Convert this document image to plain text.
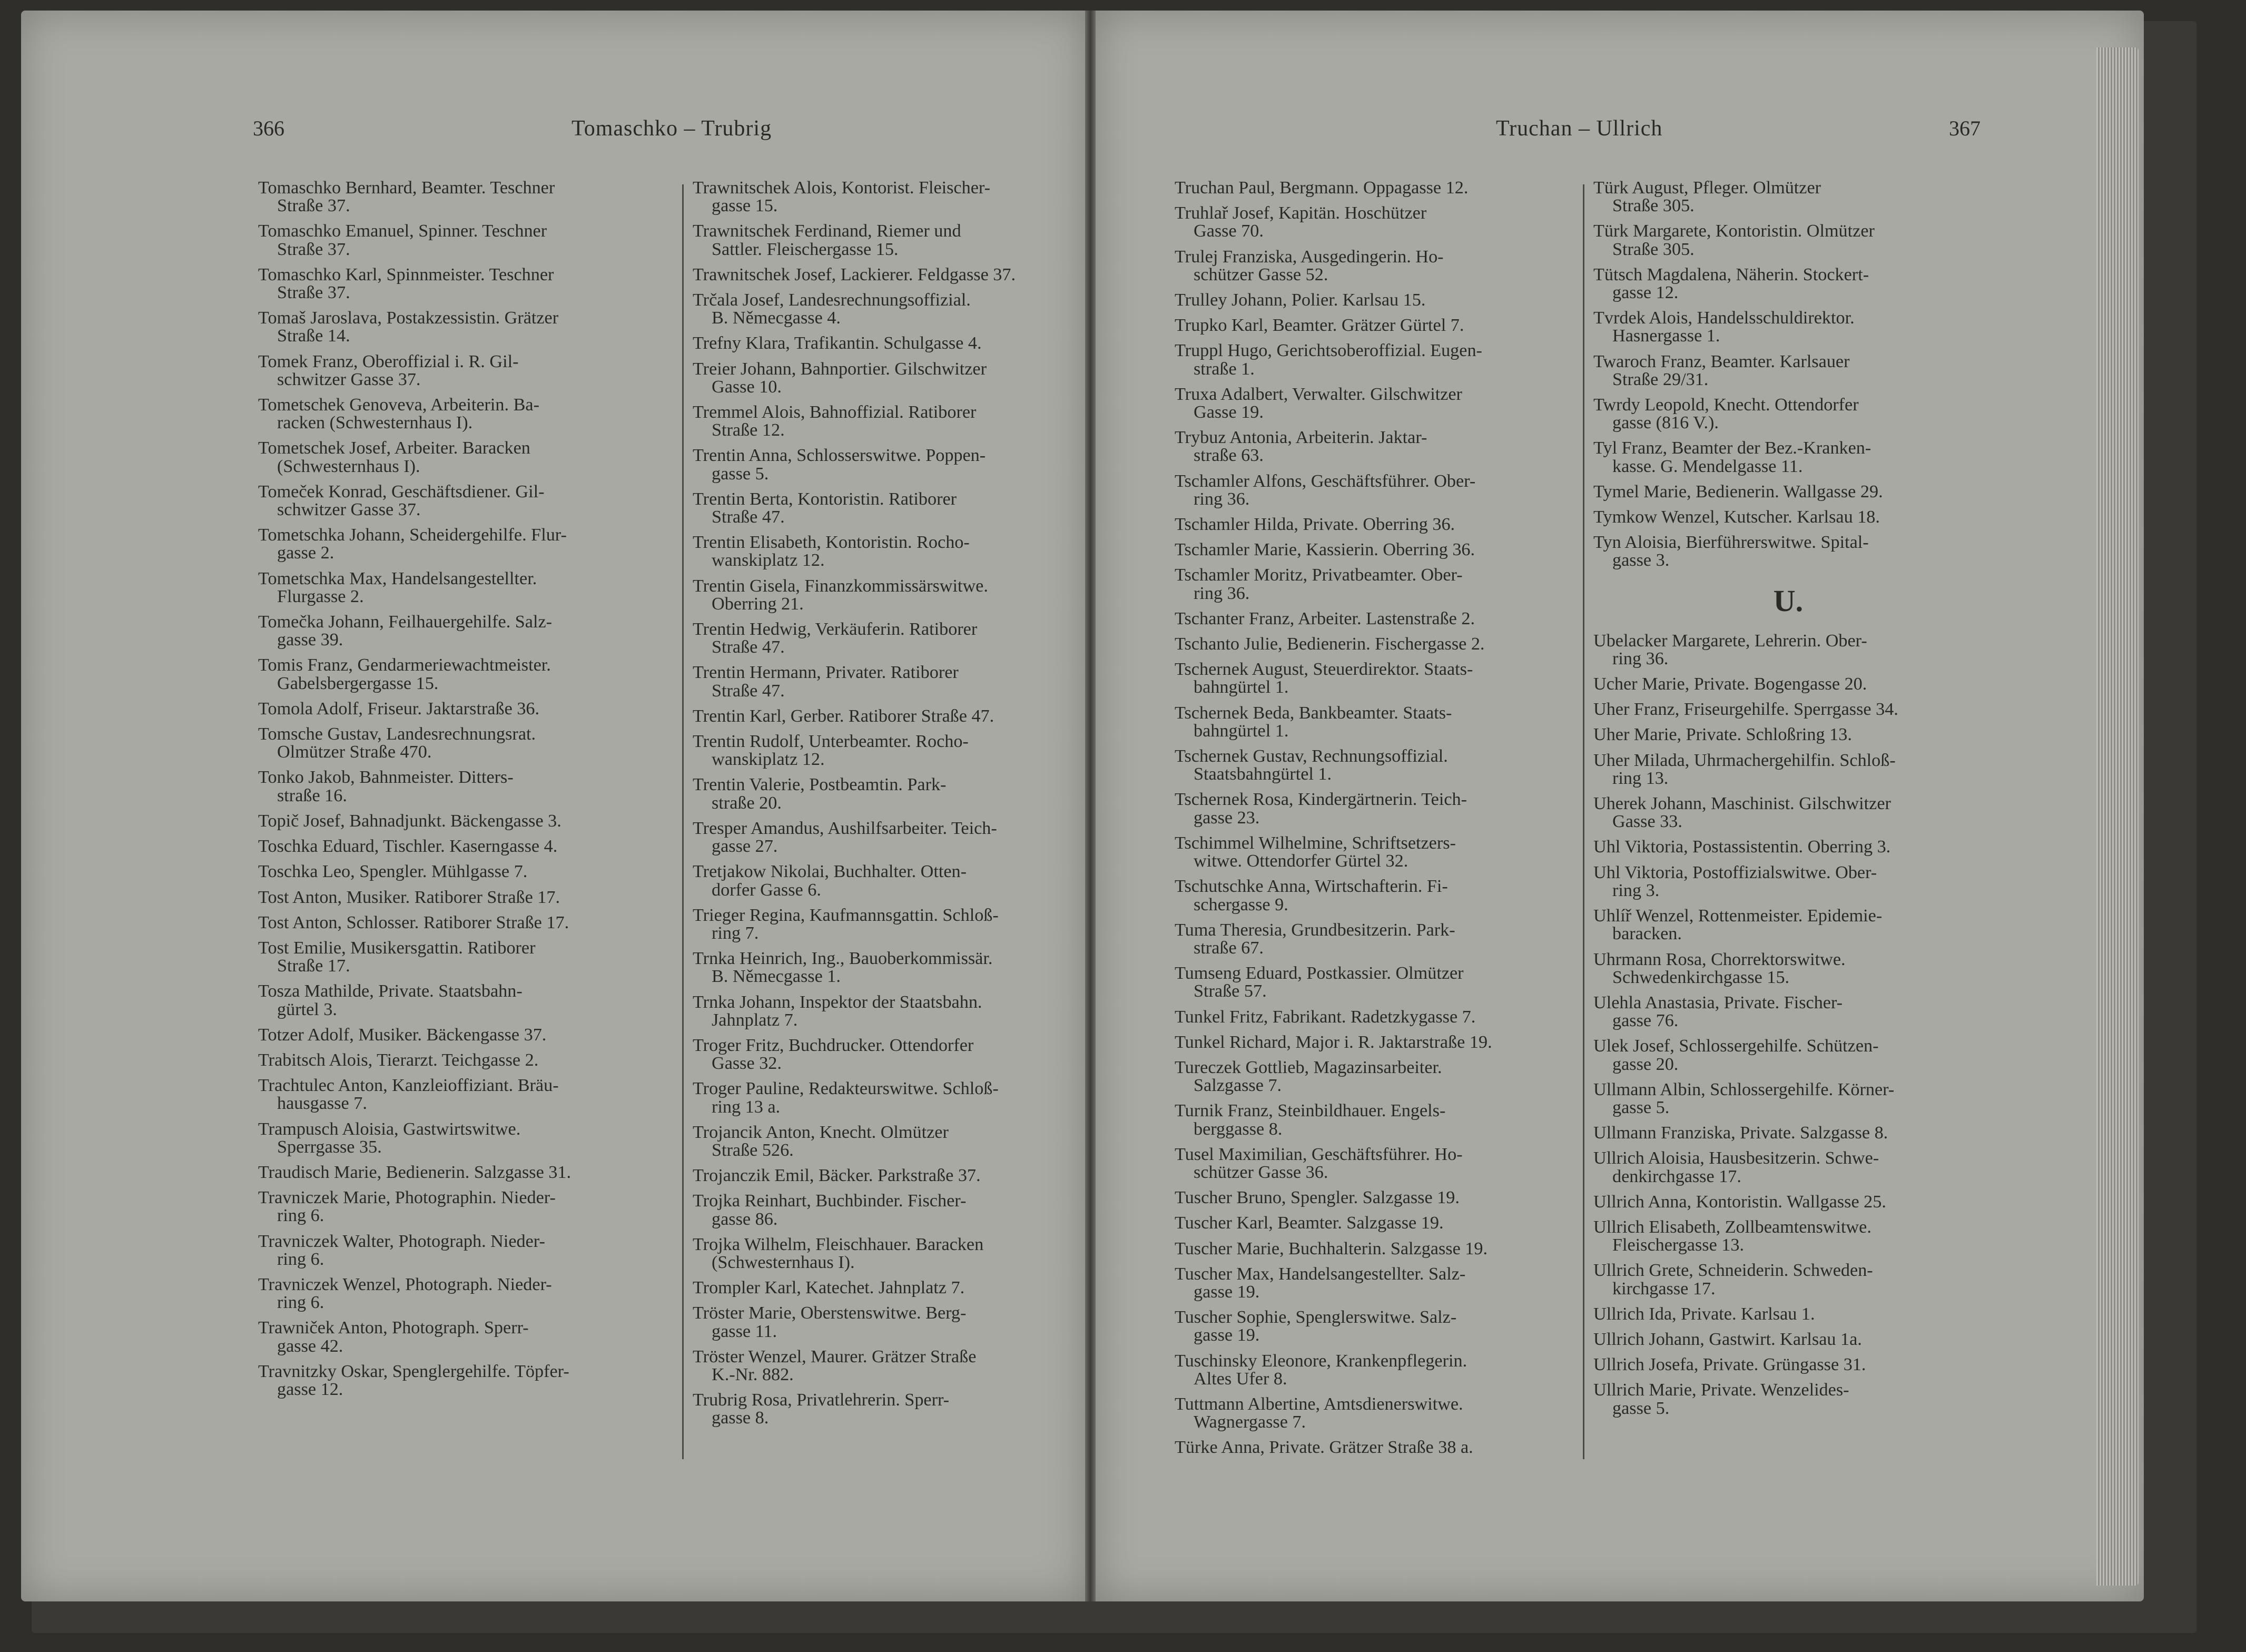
366	Tomaschko – Trubrig
Tomaschko Bernhard, Beamter. Teschner
Straße 37.
Tomaschko Emanuel, Spinner. Teschner
Straße 37.
Tomaschko Karl, Spinnmeister. Teschner
Straße 37.
Tomaš Jaroslava, Postakzessistin. Grätzer
Straße 14.
Tomek Franz, Oberoffizial i. R. Gil-
schwitzer Gasse 37.
Tometschek Genoveva, Arbeiterin. Ba-
racken (Schwesternhaus I).
Tometschek Josef, Arbeiter. Baracken
(Schwesternhaus I).
Tomeček Konrad, Geschäftsdiener. Gil-
schwitzer Gasse 37.
Tometschka Johann, Scheidergehilfe. Flur-
gasse 2.
Tometschka Max, Handelsangestellter.
Flurgasse 2.
Tomečka Johann, Feilhauergehilfe. Salz-
gasse 39.
Tomis Franz, Gendarmeriewachtmeister.
Gabelsbergergasse 15.
Tomola Adolf, Friseur. Jaktarstraße 36.
Tomsche Gustav, Landesrechnungsrat.
Olmützer Straße 470.
Tonko Jakob, Bahnmeister. Ditters-
straße 16.
Topič Josef, Bahnadjunkt. Bäckengasse 3.
Toschka Eduard, Tischler. Kaserngasse 4.
Toschka Leo, Spengler. Mühlgasse 7.
Tost Anton, Musiker. Ratiborer Straße 17.
Tost Anton, Schlosser. Ratiborer Straße 17.
Tost Emilie, Musikersgattin. Ratiborer
Straße 17.
Tosza Mathilde, Private. Staatsbahn-
gürtel 3.
Totzer Adolf, Musiker. Bäckengasse 37.
Trabitsch Alois, Tierarzt. Teichgasse 2.
Trachtulec Anton, Kanzleioffiziant. Bräu-
hausgasse 7.
Trampusch Aloisia, Gastwirtswitwe.
Sperrgasse 35.
Traudisch Marie, Bedienerin. Salzgasse 31.
Travniczek Marie, Photographin. Nieder-
ring 6.
Travniczek Walter, Photograph. Nieder-
ring 6.
Travniczek Wenzel, Photograph. Nieder-
ring 6.
Trawniček Anton, Photograph. Sperr-
gasse 42.
Travnitzky Oskar, Spenglergehilfe. Töpfer-
gasse 12.
Trawnitschek Alois, Kontorist. Fleischer-
gasse 15.
Trawnitschek Ferdinand, Riemer und
Sattler. Fleischergasse 15.
Trawnitschek Josef, Lackierer. Feldgasse 37.
Trčala Josef, Landesrechnungsoffizial.
B. Němecgasse 4.
Trefny Klara, Trafikantin. Schulgasse 4.
Treier Johann, Bahnportier. Gilschwitzer
Gasse 10.
Tremmel Alois, Bahnoffizial. Ratiborer
Straße 12.
Trentin Anna, Schlosserswitwe. Poppen-
gasse 5.
Trentin Berta, Kontoristin. Ratiborer
Straße 47.
Trentin Elisabeth, Kontoristin. Rocho-
wanskiplatz 12.
Trentin Gisela, Finanzkommissärswitwe.
Oberring 21.
Trentin Hedwig, Verkäuferin. Ratiborer
Straße 47.
Trentin Hermann, Privater. Ratiborer
Straße 47.
Trentin Karl, Gerber. Ratiborer Straße 47.
Trentin Rudolf, Unterbeamter. Rocho-
wanskiplatz 12.
Trentin Valerie, Postbeamtin. Park-
straße 20.
Tresper Amandus, Aushilfsarbeiter. Teich-
gasse 27.
Tretjakow Nikolai, Buchhalter. Otten-
dorfer Gasse 6.
Trieger Regina, Kaufmannsgattin. Schloß-
ring 7.
Trnka Heinrich, Ing., Bauoberkommissär.
B. Němecgasse 1.
Trnka Johann, Inspektor der Staatsbahn.
Jahnplatz 7.
Troger Fritz, Buchdrucker. Ottendorfer
Gasse 32.
Troger Pauline, Redakteurswitwe. Schloß-
ring 13 a.
Trojancik Anton, Knecht. Olmützer
Straße 526.
Trojanczik Emil, Bäcker. Parkstraße 37.
Trojka Reinhart, Buchbinder. Fischer-
gasse 86.
Trojka Wilhelm, Fleischhauer. Baracken
(Schwesternhaus I).
Trompler Karl, Katechet. Jahnplatz 7.
Tröster Marie, Oberstenswitwe. Berg-
gasse 11.
Tröster Wenzel, Maurer. Grätzer Straße
K.-Nr. 882.
Trubrig Rosa, Privatlehrerin. Sperr-
gasse 8.
Truchan – Ullrich	367
Truchan Paul, Bergmann. Oppagasse 12.
Truhlař Josef, Kapitän. Hoschützer
Gasse 70.
Trulej Franziska, Ausgedingerin. Ho-
schützer Gasse 52.
Trulley Johann, Polier. Karlsau 15.
Trupko Karl, Beamter. Grätzer Gürtel 7.
Truppl Hugo, Gerichtsoberoffizial. Eugen-
straße 1.
Truxa Adalbert, Verwalter. Gilschwitzer
Gasse 19.
Trybuz Antonia, Arbeiterin. Jaktar-
straße 63.
Tschamler Alfons, Geschäftsführer. Ober-
ring 36.
Tschamler Hilda, Private. Oberring 36.
Tschamler Marie, Kassierin. Oberring 36.
Tschamler Moritz, Privatbeamter. Ober-
ring 36.
Tschanter Franz, Arbeiter. Lastenstraße 2.
Tschanto Julie, Bedienerin. Fischergasse 2.
Tschernek August, Steuerdirektor. Staats-
bahngürtel 1.
Tschernek Beda, Bankbeamter. Staats-
bahngürtel 1.
Tschernek Gustav, Rechnungsoffizial.
Staatsbahngürtel 1.
Tschernek Rosa, Kindergärtnerin. Teich-
gasse 23.
Tschimmel Wilhelmine, Schriftsetzers-
witwe. Ottendorfer Gürtel 32.
Tschutschke Anna, Wirtschafterin. Fi-
schergasse 9.
Tuma Theresia, Grundbesitzerin. Park-
straße 67.
Tumseng Eduard, Postkassier. Olmützer
Straße 57.
Tunkel Fritz, Fabrikant. Radetzkygasse 7.
Tunkel Richard, Major i. R. Jaktarstraße 19.
Tureczek Gottlieb, Magazinsarbeiter.
Salzgasse 7.
Turnik Franz, Steinbildhauer. Engels-
berggasse 8.
Tusel Maximilian, Geschäftsführer. Ho-
schützer Gasse 36.
Tuscher Bruno, Spengler. Salzgasse 19.
Tuscher Karl, Beamter. Salzgasse 19.
Tuscher Marie, Buchhalterin. Salzgasse 19.
Tuscher Max, Handelsangestellter. Salz-
gasse 19.
Tuscher Sophie, Spenglerswitwe. Salz-
gasse 19.
Tuschinsky Eleonore, Krankenpflegerin.
Altes Ufer 8.
Tuttmann Albertine, Amtsdienerswitwe.
Wagnergasse 7.
Türke Anna, Private. Grätzer Straße 38 a.
Türk August, Pfleger. Olmützer
Straße 305.
Türk Margarete, Kontoristin. Olmützer
Straße 305.
Tütsch Magdalena, Näherin. Stockert-
gasse 12.
Tvrdek Alois, Handelsschuldirektor.
Hasnergasse 1.
Twaroch Franz, Beamter. Karlsauer
Straße 29/31.
Twrdy Leopold, Knecht. Ottendorfer
gasse (816 V.).
Tyl Franz, Beamter der Bez.-Kranken-
kasse. G. Mendelgasse 11.
Tymel Marie, Bedienerin. Wallgasse 29.
Tymkow Wenzel, Kutscher. Karlsau 18.
Tyn Aloisia, Bierführerswitwe. Spital-
gasse 3.
U.
Ubelacker Margarete, Lehrerin. Ober-
ring 36.
Ucher Marie, Private. Bogengasse 20.
Uher Franz, Friseurgehilfe. Sperrgasse 34.
Uher Marie, Private. Schloßring 13.
Uher Milada, Uhrmachergehilfin. Schloß-
ring 13.
Uherek Johann, Maschinist. Gilschwitzer
Gasse 33.
Uhl Viktoria, Postassistentin. Oberring 3.
Uhl Viktoria, Postoffizialswitwe. Ober-
ring 3.
Uhlíř Wenzel, Rottenmeister. Epidemie-
baracken.
Uhrmann Rosa, Chorrektorswitwe.
Schwedenkirchgasse 15.
Ulehla Anastasia, Private. Fischer-
gasse 76.
Ulek Josef, Schlossergehilfe. Schützen-
gasse 20.
Ullmann Albin, Schlossergehilfe. Körner-
gasse 5.
Ullmann Franziska, Private. Salzgasse 8.
Ullrich Aloisia, Hausbesitzerin. Schwe-
denkirchgasse 17.
Ullrich Anna, Kontoristin. Wallgasse 25.
Ullrich Elisabeth, Zollbeamtenswitwe.
Fleischergasse 13.
Ullrich Grete, Schneiderin. Schweden-
kirchgasse 17.
Ullrich Ida, Private. Karlsau 1.
Ullrich Johann, Gastwirt. Karlsau 1a.
Ullrich Josefa, Private. Grüngasse 31.
Ullrich Marie, Private. Wenzelides-
gasse 5.
